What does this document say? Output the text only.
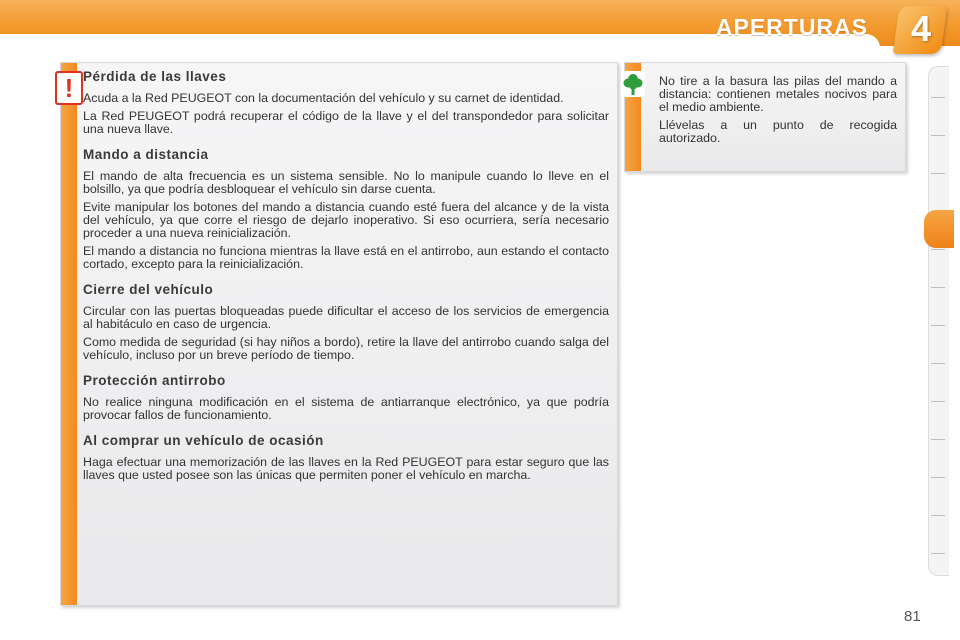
APERTURAS 4
! Pérdida de las llaves

Acuda a la Red PEUGEOT con la documentación del vehículo y su carnet de identidad.

La Red PEUGEOT podrá recuperar el código de la llave y el del transpondedor para solicitar una nueva llave.

Mando a distancia

El mando de alta frecuencia es un sistema sensible. No lo manipule cuando lo lleve en el bolsillo, ya que podría desbloquear el vehículo sin darse cuenta.

Evite manipular los botones del mando a distancia cuando esté fuera del alcance y de la vista del vehículo, ya que corre el riesgo de dejarlo inoperativo. Si eso ocurriera, sería necesario proceder a una nueva reinicialización.

El mando a distancia no funciona mientras la llave está en el antirrobo, aun estando el contacto cortado, excepto para la reinicialización.

Cierre del vehículo

Circular con las puertas bloqueadas puede dificultar el acceso de los servicios de emergencia al habitáculo en caso de urgencia.

Como medida de seguridad (si hay niños a bordo), retire la llave del antirrobo cuando salga del vehículo, incluso por un breve período de tiempo.

Protección antirrobo

No realice ninguna modificación en el sistema de antiarranque electrónico, ya que podría provocar fallos de funcionamiento.

Al comprar un vehículo de ocasión

Haga efectuar una memorización de las llaves en la Red PEUGEOT para estar seguro que las llaves que usted posee son las únicas que permiten poner el vehículo en marcha.

No tire a la basura las pilas del mando a distancia: contienen metales nocivos para el medio ambiente.

Llévelas a un punto de recogida autorizado.

81
